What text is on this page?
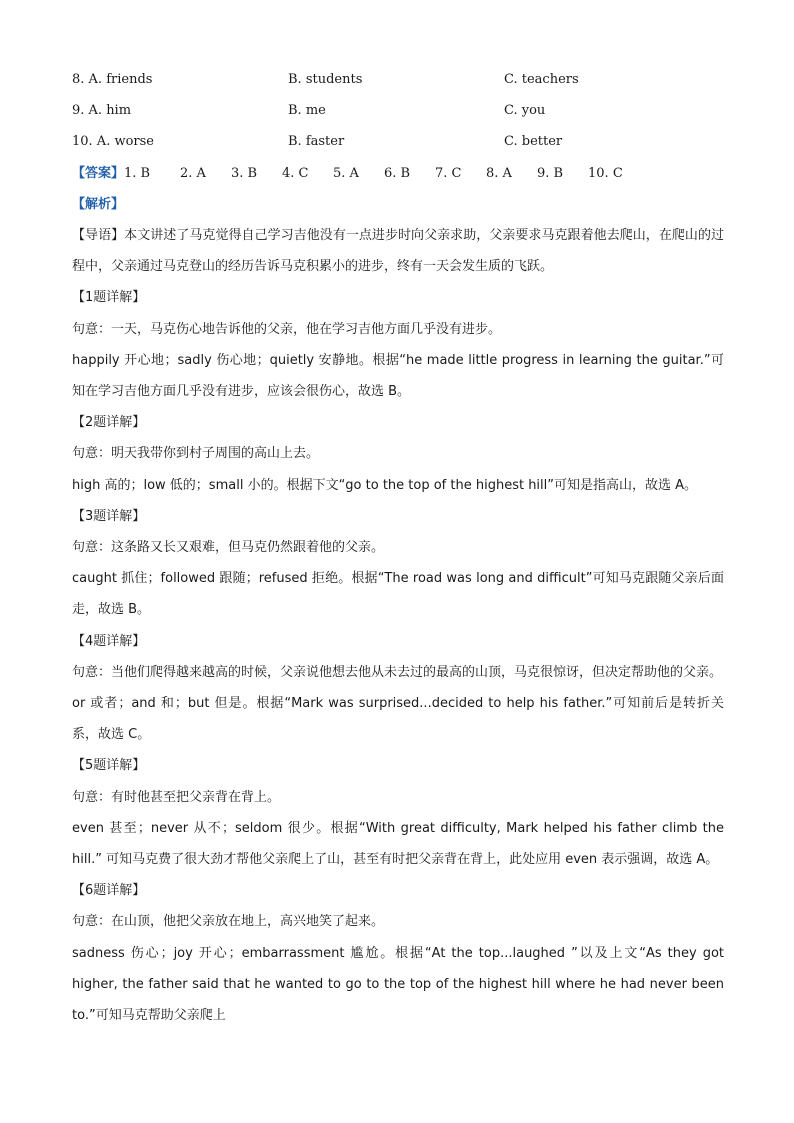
8. A. friends	B. students	C. teachers
9. A. him	B. me	C. you
10. A. worse	B. faster	C. better
【答案】1. B 2. A 3. B 4. C 5. A 6. B 7. C 8. A 9. B 10. C
【解析】
【导语】本文讲述了马克觉得自己学习吉他没有一点进步时向父亲求助，父亲要求马克跟着他去爬山，在爬山的过程中，父亲通过马克登山的经历告诉马克积累小的进步，终有一天会发生质的飞跃。
【1题详解】
句意：一天，马克伤心地告诉他的父亲，他在学习吉他方面几乎没有进步。
happily 开心地；sadly 伤心地；quietly 安静地。根据“he made little progress in learning the guitar.”可知在学习吉他方面几乎没有进步，应该会很伤心，故选 B。
【2题详解】
句意：明天我带你到村子周围的高山上去。
high 高的；low 低的；small 小的。根据下文“go to the top of the highest hill”可知是指高山，故选 A。
【3题详解】
句意：这条路又长又艰难，但马克仍然跟着他的父亲。
caught 抓住；followed 跟随；refused 拒绝。根据“The road was long and difficult”可知马克跟随父亲后面走，故选 B。
【4题详解】
句意：当他们爬得越来越高的时候，父亲说他想去他从未去过的最高的山顶，马克很惊讶，但决定帮助他的父亲。
or 或者；and 和；but 但是。根据“Mark was surprised...decided to help his father.”可知前后是转折关系，故选 C。
【5题详解】
句意：有时他甚至把父亲背在背上。
even 甚至；never 从不；seldom 很少。根据“With great difficulty, Mark helped his father climb the hill.” 可知马克费了很大劲才帮他父亲爬上了山，甚至有时把父亲背在背上，此处应用 even 表示强调，故选 A。
【6题详解】
句意：在山顶，他把父亲放在地上，高兴地笑了起来。
sadness 伤心；joy 开心；embarrassment 尴尬。根据“At the top...laughed ”以及上文“As they got higher, the father said that he wanted to go to the top of the highest hill where he had never been to.”可知马克帮助父亲爬上
